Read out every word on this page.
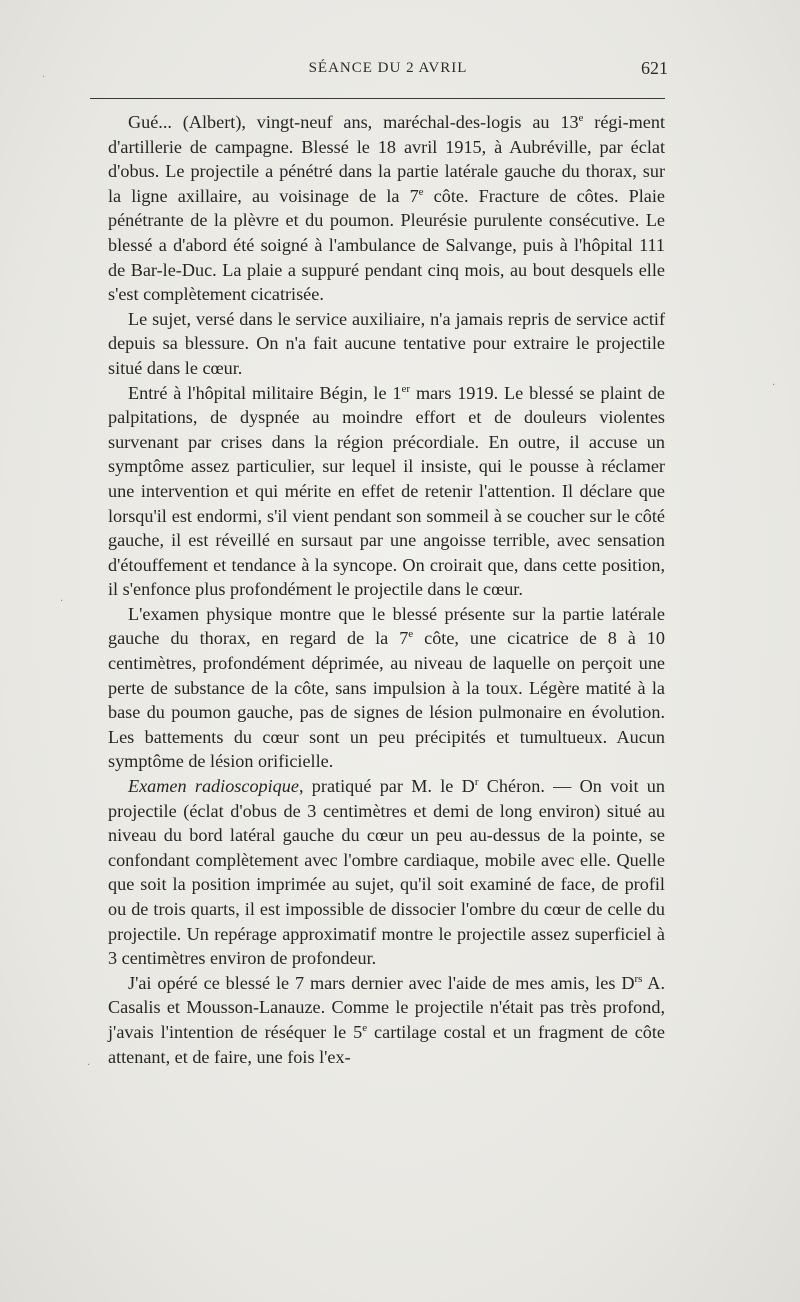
SÉANCE DU 2 AVRIL	621

Gué... (Albert), vingt-neuf ans, maréchal-des-logis au 13e régi-ment d'artillerie de campagne. Blessé le 18 avril 1915, à Aubréville, par éclat d'obus. Le projectile a pénétré dans la partie latérale gauche du thorax, sur la ligne axillaire, au voisinage de la 7e côte. Fracture de côtes. Plaie pénétrante de la plèvre et du poumon. Pleurésie purulente consécutive. Le blessé a d'abord été soigné à l'ambulance de Salvange, puis à l'hôpital 111 de Bar-le-Duc. La plaie a suppuré pendant cinq mois, au bout desquels elle s'est complètement cicatrisée.

Le sujet, versé dans le service auxiliaire, n'a jamais repris de service actif depuis sa blessure. On n'a fait aucune tentative pour extraire le projectile situé dans le cœur.

Entré à l'hôpital militaire Bégin, le 1er mars 1919. Le blessé se plaint de palpitations, de dyspnée au moindre effort et de douleurs violentes survenant par crises dans la région précordiale. En outre, il accuse un symptôme assez particulier, sur lequel il insiste, qui le pousse à réclamer une intervention et qui mérite en effet de retenir l'attention. Il déclare que lorsqu'il est endormi, s'il vient pendant son sommeil à se coucher sur le côté gauche, il est réveillé en sursaut par une angoisse terrible, avec sensation d'étouffement et tendance à la syncope. On croirait que, dans cette position, il s'enfonce plus profondément le projectile dans le cœur.

L'examen physique montre que le blessé présente sur la partie latérale gauche du thorax, en regard de la 7e côte, une cicatrice de 8 à 10 centimètres, profondément déprimée, au niveau de laquelle on perçoit une perte de substance de la côte, sans impulsion à la toux. Légère matité à la base du poumon gauche, pas de signes de lésion pulmonaire en évolution. Les battements du cœur sont un peu précipités et tumultueux. Aucun symptôme de lésion orificielle.

Examen radioscopique, pratiqué par M. le $D^r$ Chéron. — On voit un projectile (éclat d'obus de 3 centimètres et demi de long environ) situé au niveau du bord latéral gauche du cœur un peu au-dessus de la pointe, se confondant complètement avec l'ombre cardiaque, mobile avec elle. Quelle que soit la position imprimée au sujet, qu'il soit examiné de face, de profil ou de trois quarts, il est impossible de dissocier l'ombre du cœur de celle du projectile. Un repérage approximatif montre le projectile assez superficiel à 3 centimètres environ de profondeur.

J'ai opéré ce blessé le 7 mars dernier avec l'aide de mes amis, les $D^{rs}$ A. Casalis et Mousson-Lanauze. Comme le projectile n'était pas très profond, j'avais l'intention de réséquer le 5e cartilage costal et un fragment de côte attenant, et de faire, une fois l'ex-

·
·
·
·
